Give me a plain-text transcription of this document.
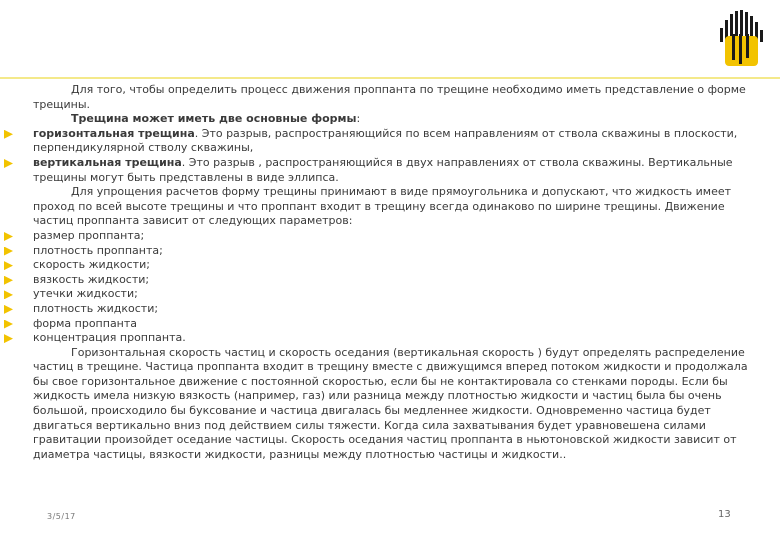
Для того, чтобы определить процесс движения проппанта по трещине необходимо иметь представление о форме трещины.

Трещина может иметь две основные формы:

горизонтальная трещина. Это разрыв, распространяющийся по всем направлениям от ствола скважины в плоскости, перпендикулярной стволу скважины,

вертикальная трещина. Это разрыв , распространяющийся в двух направлениях от ствола скважины. Вертикальные трещины могут быть представлены в виде эллипса.

Для упрощения расчетов форму трещины принимают в виде прямоугольника и допускают, что жидкость имеет проход по всей высоте трещины и что проппант входит в трещину всегда одинаково по ширине трещины. Движение частиц проппанта зависит от следующих параметров:

размер проппанта;

плотность проппанта;

скорость жидкости;

вязкость жидкости;

утечки жидкости;

плотность жидкости;

форма проппанта

концентрация проппанта.

Горизонтальная скорость частиц и скорость оседания (вертикальная скорость ) будут определять распределение частиц в трещине. Частица проппанта входит в трещину вместе с движущимся вперед потоком жидкости и продолжала бы свое горизонтальное движение с постоянной скоростью, если бы не контактировала со стенками породы. Если бы жидкость имела низкую вязкость (например, газ) или разница между плотностью жидкости и частиц была бы очень большой, происходило бы буксование и частица двигалась бы медленнее жидкости. Одновременно частица будет двигаться вертикально вниз под действием силы тяжести. Когда сила захватывания будет уравновешена силами гравитации произойдет оседание частицы. Скорость оседания частиц проппанта в ньютоновской жидкости зависит от диаметра частицы, вязкости жидкости, разницы между плотностью частицы и жидкости..

3/5/17	13
